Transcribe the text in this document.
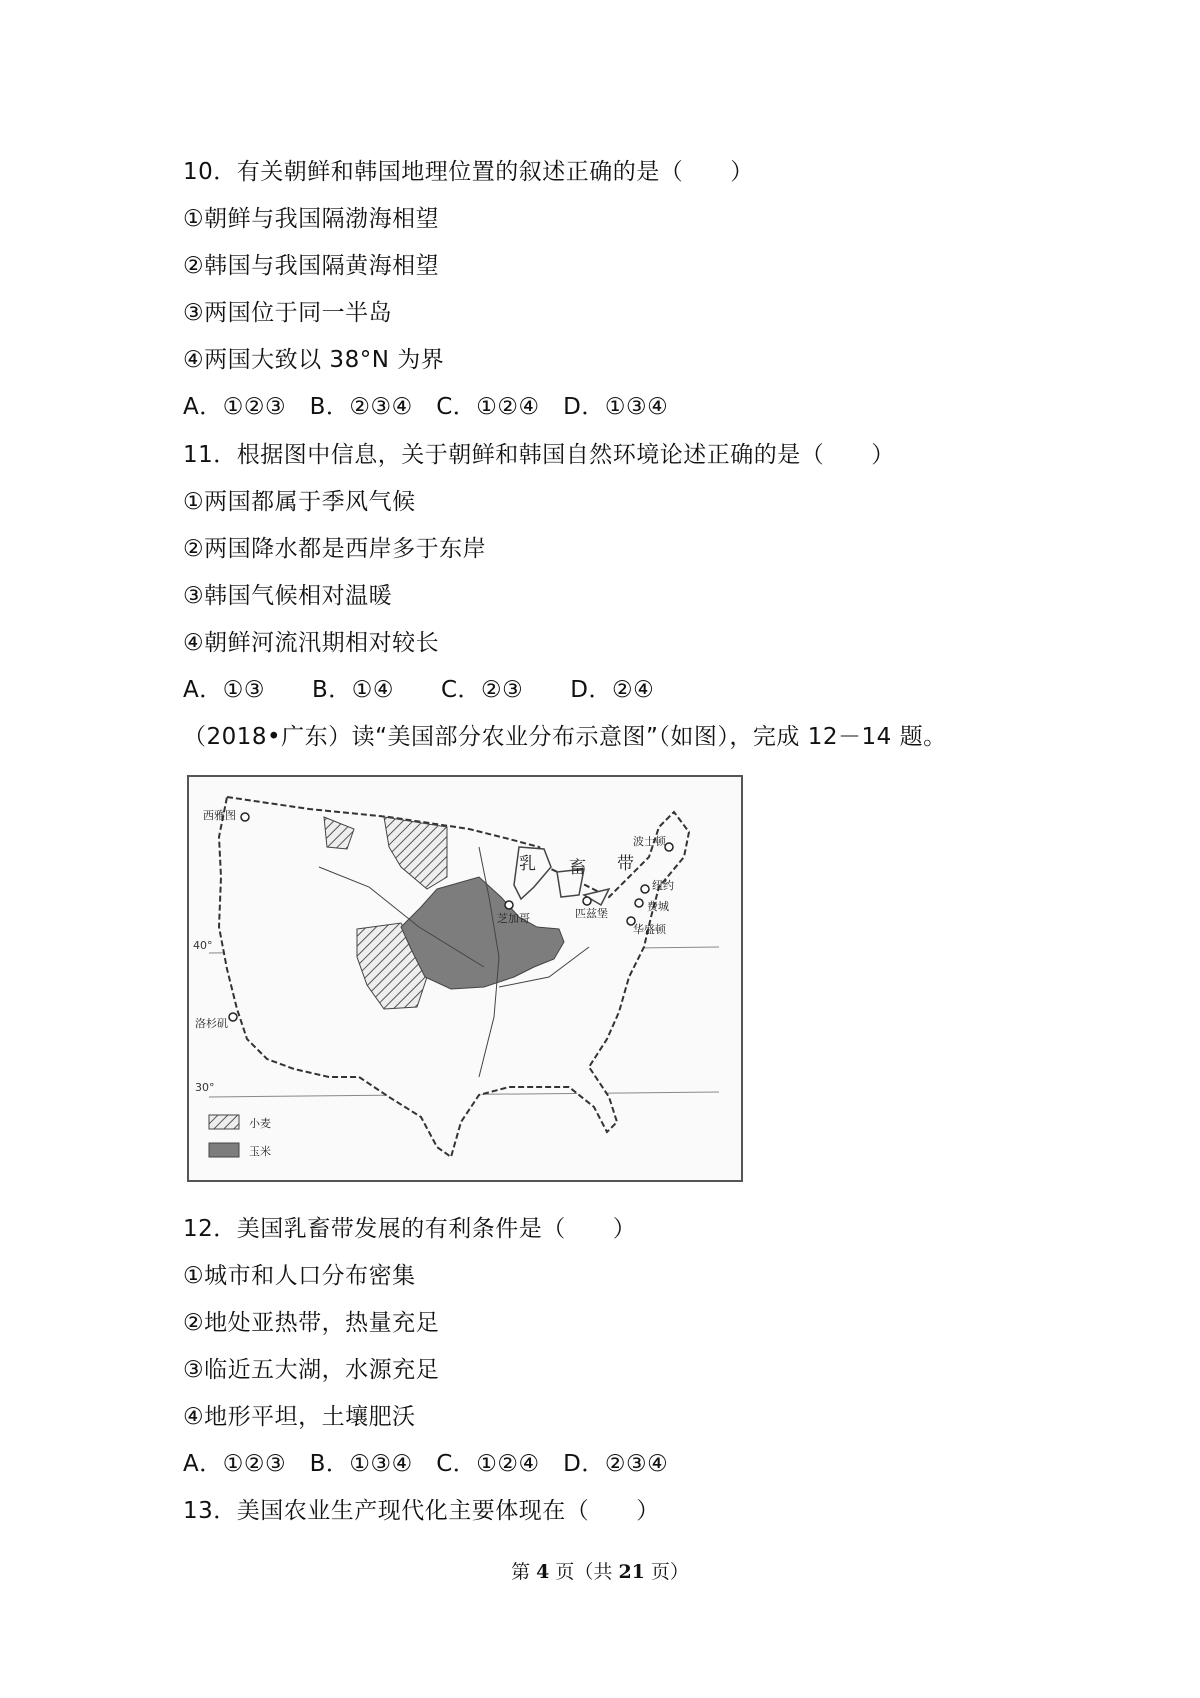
10．有关朝鲜和韩国地理位置的叙述正确的是（　　）
①朝鲜与我国隔渤海相望
②韩国与我国隔黄海相望
③两国位于同一半岛
④两国大致以 38°N 为界
A．①②③　B．②③④　C．①②④　D．①③④
11．根据图中信息，关于朝鲜和韩国自然环境论述正确的是（　　）
①两国都属于季风气候
②两国降水都是西岸多于东岸
③韩国气候相对温暖
④朝鲜河流汛期相对较长
A．①③　　B．①④　　C．②③　　D．②④
（2018•广东）读“美国部分农业分布示意图”（如图），完成 12－14 题。
西雅图
洛杉矶
波士顿
纽约
费城
华盛顿
匹兹堡
芝加哥
乳 畜 带
40°
30°
小麦
玉米
12．美国乳畜带发展的有利条件是（　　）
①城市和人口分布密集
②地处亚热带，热量充足
③临近五大湖，水源充足
④地形平坦，土壤肥沃
A．①②③　B．①③④　C．①②④　D．②③④
13．美国农业生产现代化主要体现在（　　）
第 4 页（共 21 页）
